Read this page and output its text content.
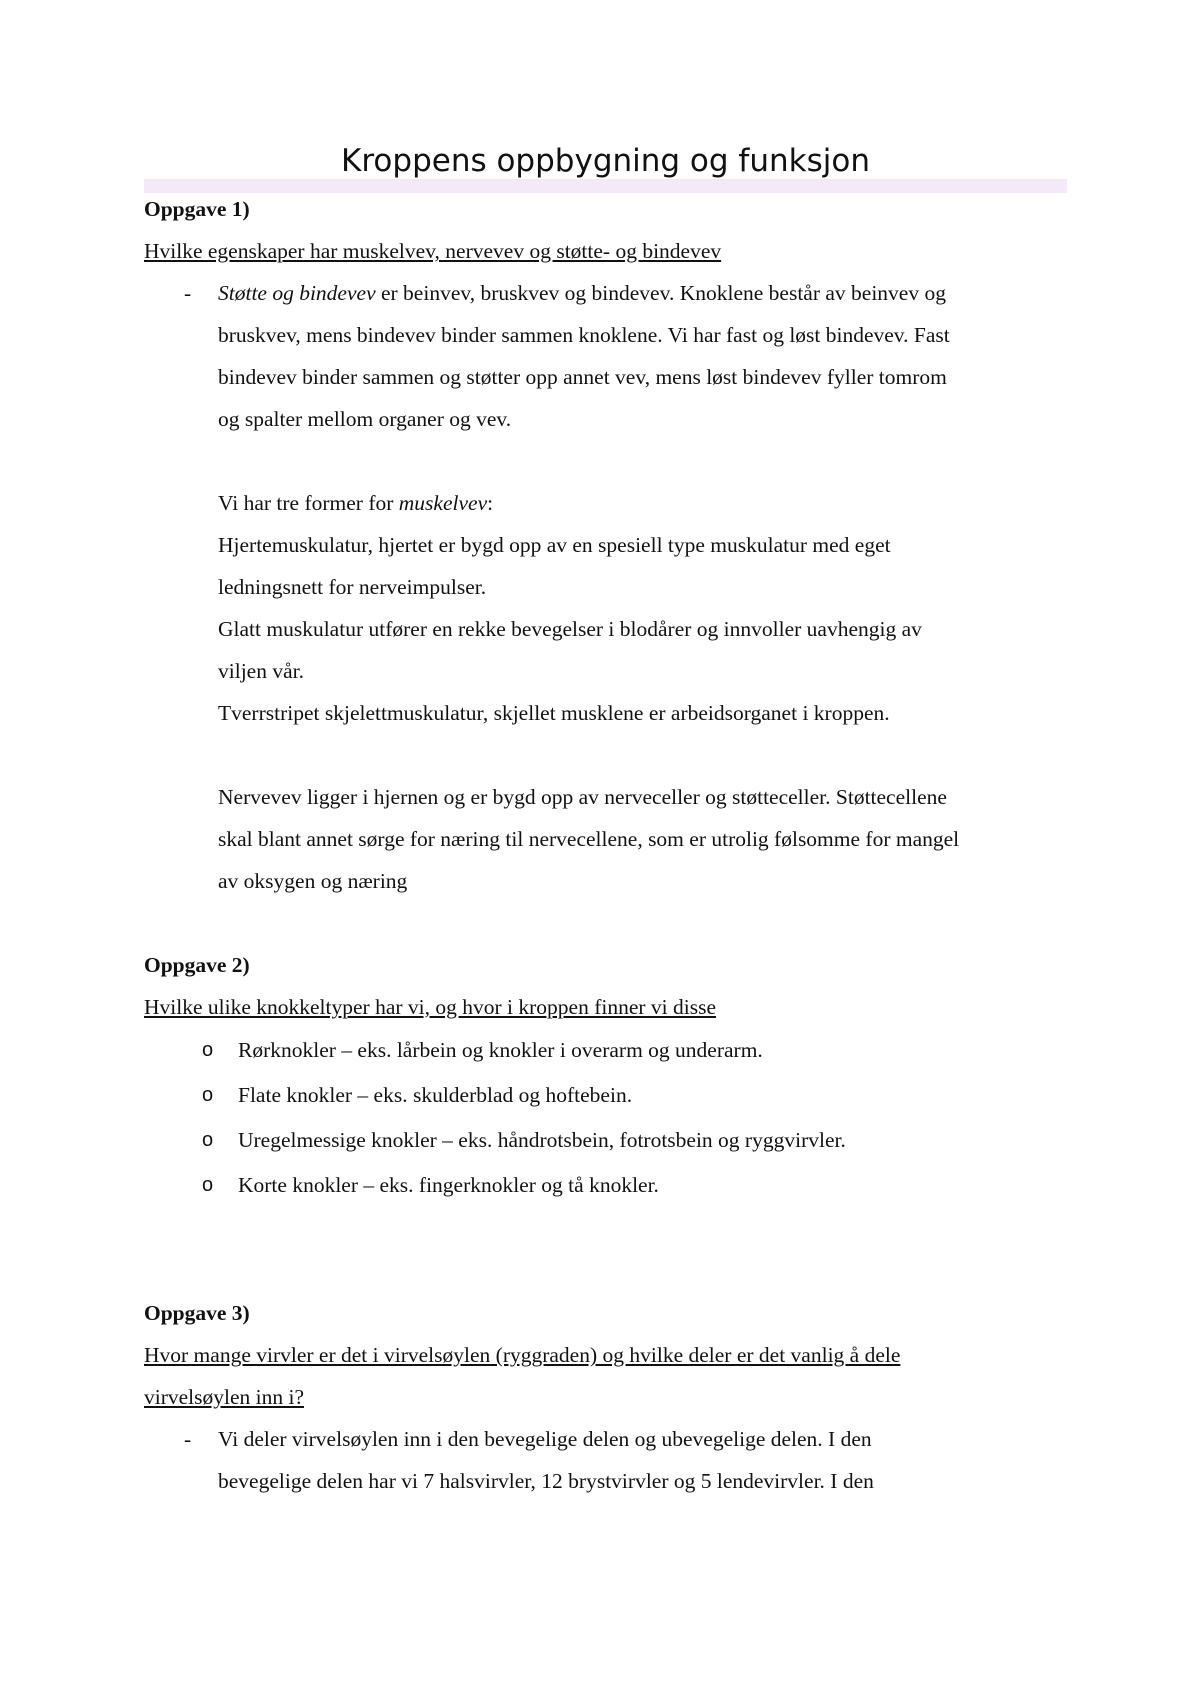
Kroppens oppbygning og funksjon

Oppgave 1)

Hvilke egenskaper har muskelvev, nervevev og støtte- og bindevev

- Støtte og bindevev er beinvev, bruskvev og bindevev. Knoklene består av beinvev og
bruskvev, mens bindevev binder sammen knoklene. Vi har fast og løst bindevev. Fast
bindevev binder sammen og støtter opp annet vev, mens løst bindevev fyller tomrom
og spalter mellom organer og vev.
Vi har tre former for muskelvev:
Hjertemuskulatur, hjertet er bygd opp av en spesiell type muskulatur med eget
ledningsnett for nerveimpulser.
Glatt muskulatur utfører en rekke bevegelser i blodårer og innvoller uavhengig av
viljen vår.
Tverrstripet skjelettmuskulatur, skjellet musklene er arbeidsorganet i kroppen.
Nervevev ligger i hjernen og er bygd opp av nerveceller og støtteceller. Støttecellene
skal blant annet sørge for næring til nervecellene, som er utrolig følsomme for mangel
av oksygen og næring

Oppgave 2)

Hvilke ulike knokkeltyper har vi, og hvor i kroppen finner vi disse

o Rørknokler – eks. lårbein og knokler i overarm og underarm.
o Flate knokler – eks. skulderblad og hoftebein.
o Uregelmessige knokler – eks. håndrotsbein, fotrotsbein og ryggvirvler.
o Korte knokler – eks. fingerknokler og tå knokler.

Oppgave 3)

Hvor mange virvler er det i virvelsøylen (ryggraden) og hvilke deler er det vanlig å dele

virvelsøylen inn i?

- Vi deler virvelsøylen inn i den bevegelige delen og ubevegelige delen. I den
bevegelige delen har vi 7 halsvirvler, 12 brystvirvler og 5 lendevirvler. I den
